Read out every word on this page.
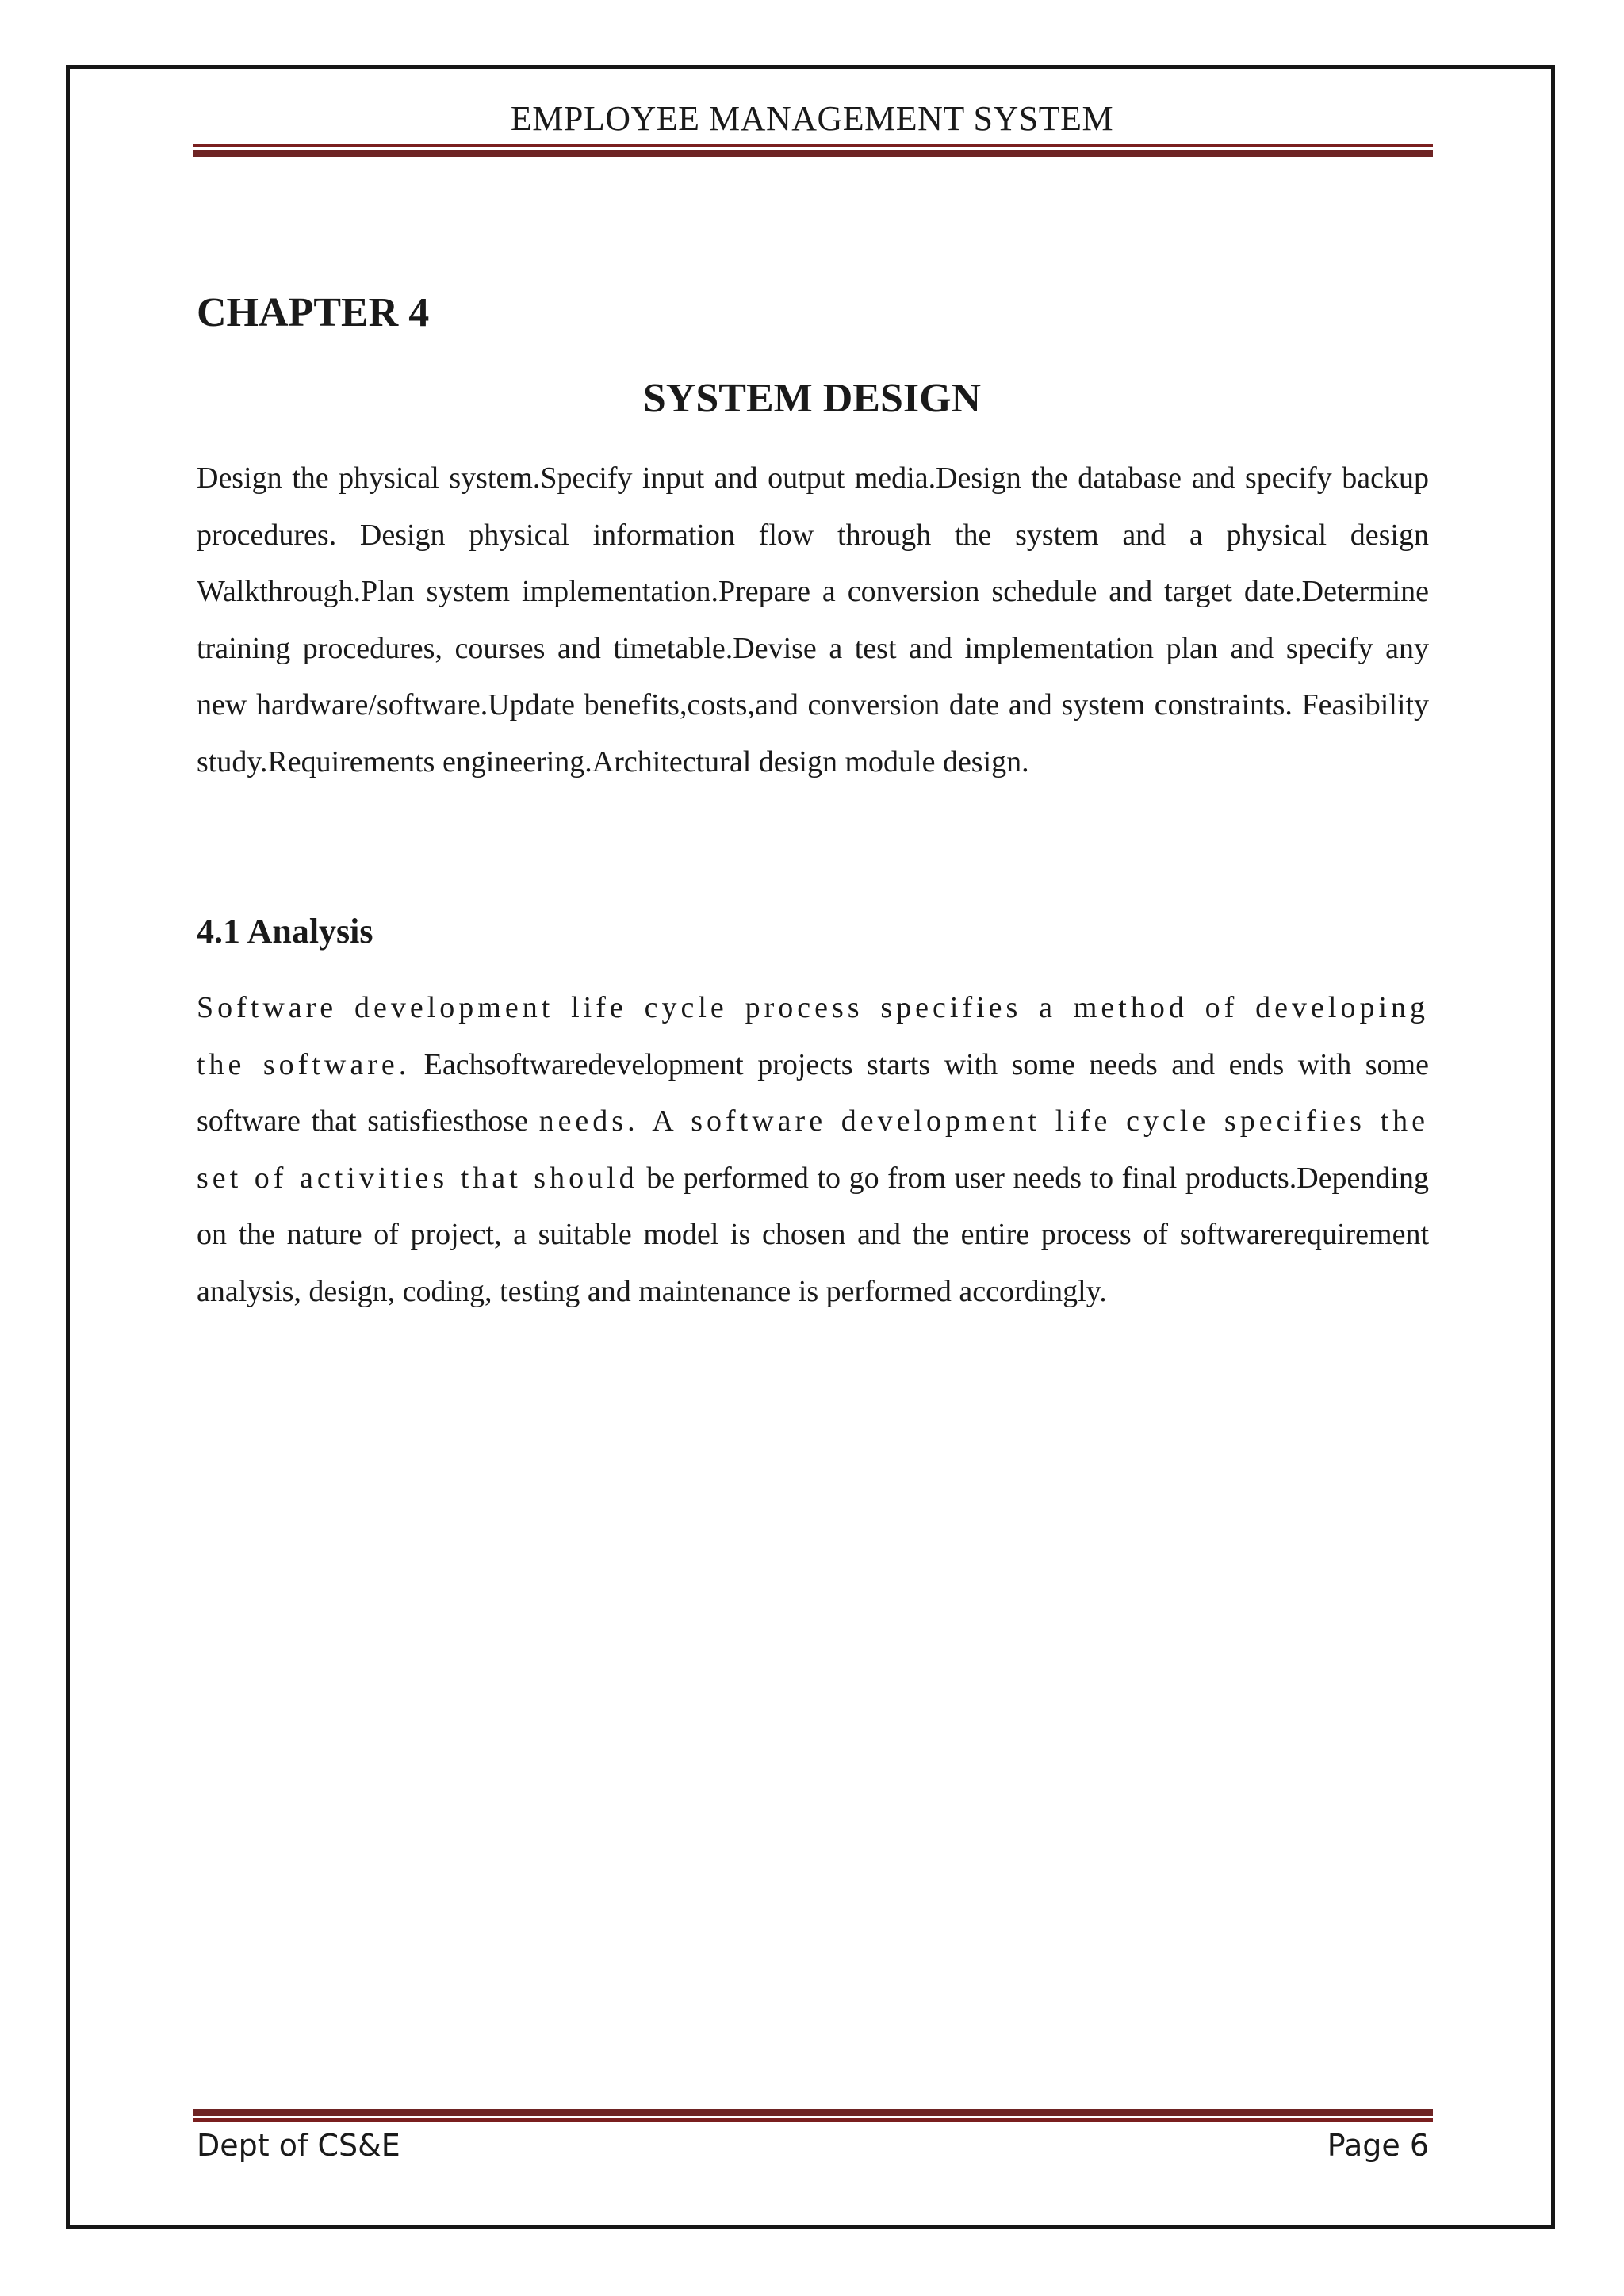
EMPLOYEE MANAGEMENT SYSTEM
CHAPTER 4
SYSTEM DESIGN

Design the physical system.Specify input and output media.Design the database and specify backup procedures. Design physical information flow through the system and a physical design Walkthrough.Plan system implementation.Prepare a conversion schedule and target date.Determine training procedures, courses and timetable.Devise a test and implementation plan and specify any new hardware/software.Update benefits,costs,and conversion date and system constraints. Feasibility study.Requirements engineering.Architectural design module design.

4.1 Analysis

Software development life cycle process specifies a method of developing the software. Eachsoftwaredevelopment projects starts with some needs and ends with some software that satisfiesthose needs. A software development life cycle specifies the set of activities that should be performed to go from user needs to final products.Depending on the nature of project, a suitable model is chosen and the entire process of softwarerequirement analysis, design, coding, testing and maintenance is performed accordingly.

Dept of CS&E	Page 6
